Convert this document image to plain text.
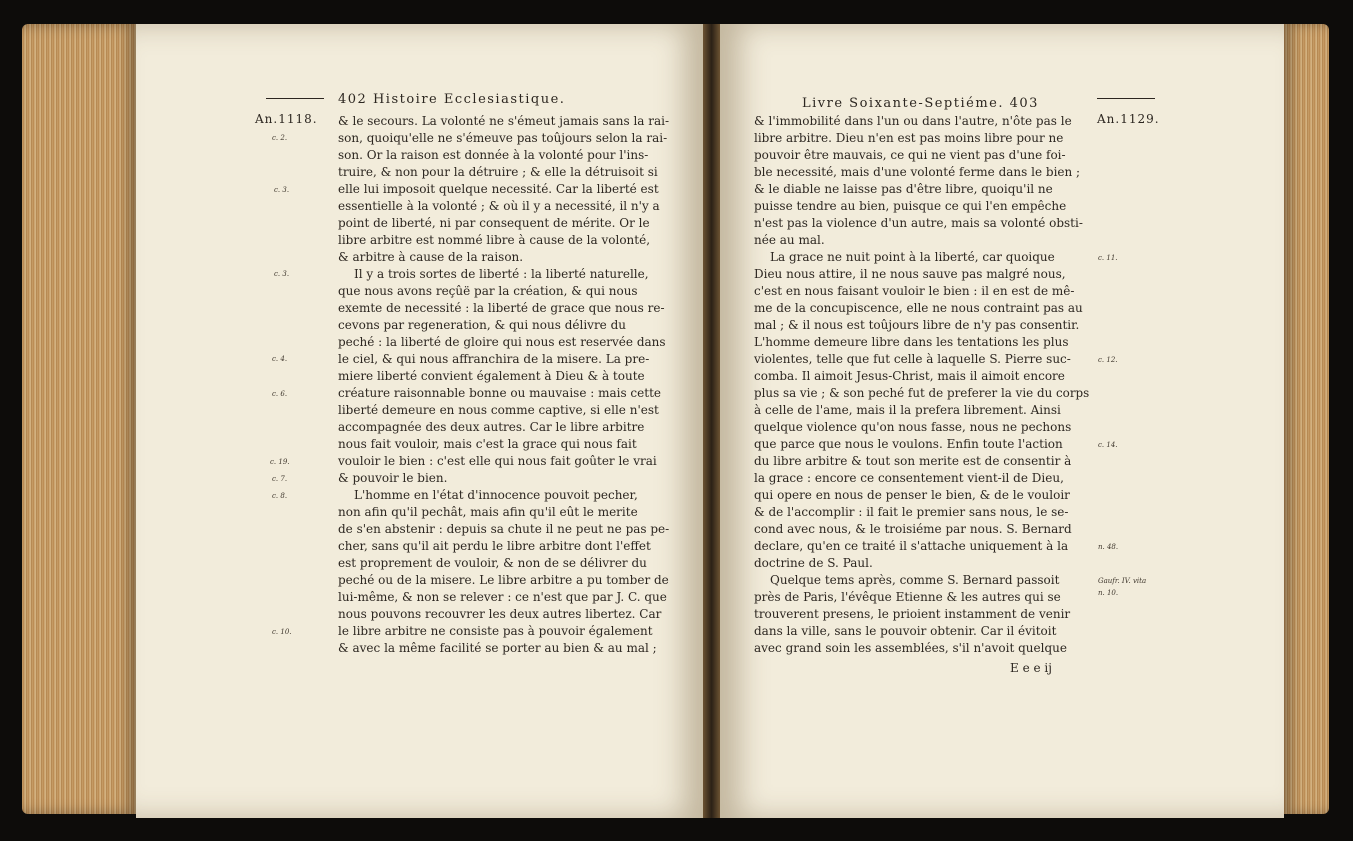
402 Histoire Ecclesiastique.
An.1118. & le secours. La volonté ne s'émeut jamais sans la rai-
son, quoiqu'elle ne s'émeuve pas toûjours selon la rai-
son. Or la raison est donnée à la volonté pour l'ins-
truire, & non pour la détruire ; & elle la détruisoit si
elle lui imposoit quelque necessité. Car la liberté est
essentielle à la volonté ; & où il y a necessité, il n'y a
point de liberté, ni par consequent de mérite. Or le
libre arbitre est nommé libre à cause de la volonté,
& arbitre à cause de la raison.
Il y a trois sortes de liberté : la liberté naturelle,
que nous avons reçûë par la création, & qui nous
exemte de necessité : la liberté de grace que nous re-
cevons par regeneration, & qui nous délivre du
peché : la liberté de gloire qui nous est reservée dans
le ciel, & qui nous affranchira de la misere. La pre-
miere liberté convient également à Dieu & à toute
créature raisonnable bonne ou mauvaise : mais cette
liberté demeure en nous comme captive, si elle n'est
accompagnée des deux autres. Car le libre arbitre
nous fait vouloir, mais c'est la grace qui nous fait
vouloir le bien : c'est elle qui nous fait goûter le vrai
& pouvoir le bien.
L'homme en l'état d'innocence pouvoit pecher,
non afin qu'il pechât, mais afin qu'il eût le merite
de s'en abstenir : depuis sa chute il ne peut ne pas pe-
cher, sans qu'il ait perdu le libre arbitre dont l'effet
est proprement de vouloir, & non de se délivrer du
peché ou de la misere. Le libre arbitre a pu tomber de
lui-même, & non se relever : ce n'est que par J. C. que
nous pouvons recouvrer les deux autres libertez. Car
le libre arbitre ne consiste pas à pouvoir également
& avec la même facilité se porter au bien & au mal ;
c. 2.
c. 3.
c. 3.
c. 4.
c. 6.
c. 19.
c. 7.
c. 8.
c. 10.
Livre Soixante-Septiéme. 403
An.1129.
& l'immobilité dans l'un ou dans l'autre, n'ôte pas le
libre arbitre. Dieu n'en est pas moins libre pour ne
pouvoir être mauvais, ce qui ne vient pas d'une foi-
ble necessité, mais d'une volonté ferme dans le bien ;
& le diable ne laisse pas d'être libre, quoiqu'il ne
puisse tendre au bien, puisque ce qui l'en empêche
n'est pas la violence d'un autre, mais sa volonté obsti-
née au mal.
La grace ne nuit point à la liberté, car quoique
Dieu nous attire, il ne nous sauve pas malgré nous,
c'est en nous faisant vouloir le bien : il en est de mê-
me de la concupiscence, elle ne nous contraint pas au
mal ; & il nous est toûjours libre de n'y pas consentir.
L'homme demeure libre dans les tentations les plus
violentes, telle que fut celle à laquelle S. Pierre suc-
comba. Il aimoit Jesus-Christ, mais il aimoit encore
plus sa vie ; & son peché fut de preferer la vie du corps
à celle de l'ame, mais il la prefera librement. Ainsi
quelque violence qu'on nous fasse, nous ne pechons
que parce que nous le voulons. Enfin toute l'action
du libre arbitre & tout son merite est de consentir à
la grace : encore ce consentement vient-il de Dieu,
qui opere en nous de penser le bien, & de le vouloir
& de l'accomplir : il fait le premier sans nous, le se-
cond avec nous, & le troisiéme par nous. S. Bernard
declare, qu'en ce traité il s'attache uniquement à la
doctrine de S. Paul.
Quelque tems après, comme S. Bernard passoit
près de Paris, l'évêque Etienne & les autres qui se
trouverent presens, le prioient instamment de venir
dans la ville, sans le pouvoir obtenir. Car il évitoit
avec grand soin les assemblées, s'il n'avoit quelque
c. 11.
c. 12.
c. 14.
n. 48.
Gaufr. IV. vita
n. 10.
E e e ij
